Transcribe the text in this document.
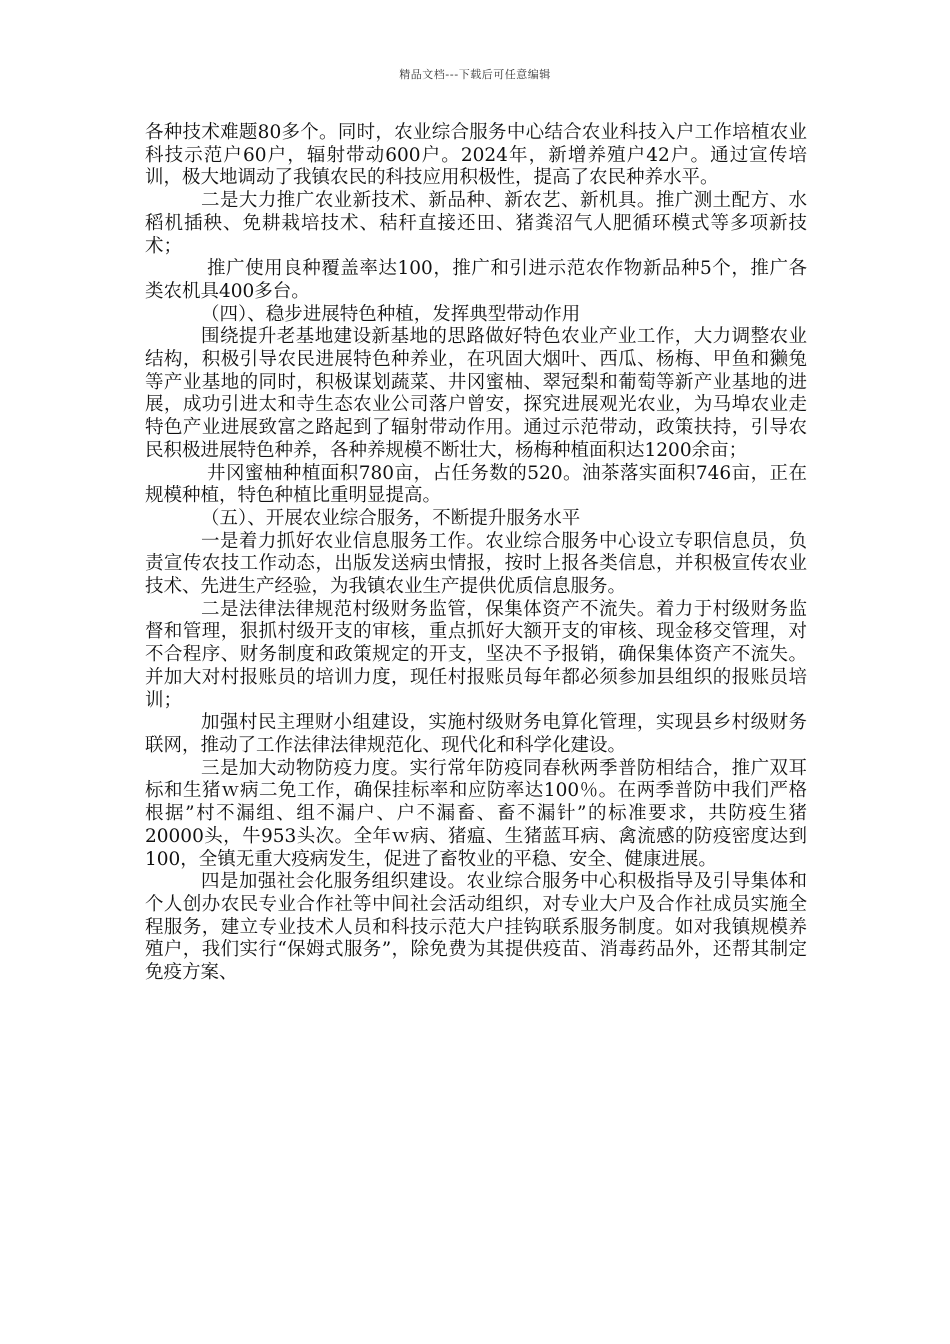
精品文档---下载后可任意编辑

各种技术难题80多个。同时，农业综合服务中心结合农业科技入户工作培植农业科技示范户60户，辐射带动600户。2024年，新增养殖户42户。通过宣传培训，极大地调动了我镇农民的科技应用积极性，提高了农民种养水平。

二是大力推广农业新技术、新品种、新农艺、新机具。推广测土配方、水稻机插秧、免耕栽培技术、秸秆直接还田、猪粪沼气人肥循环模式等多项新技术；

推广使用良种覆盖率达100，推广和引进示范农作物新品种5个，推广各类农机具400多台。

（四）、稳步进展特色种植，发挥典型带动作用

围绕提升老基地建设新基地的思路做好特色农业产业工作，大力调整农业结构，积极引导农民进展特色种养业，在巩固大烟叶、西瓜、杨梅、甲鱼和獭兔等产业基地的同时，积极谋划蔬菜、井冈蜜柚、翠冠梨和葡萄等新产业基地的进展，成功引进太和寺生态农业公司落户曾安，探究进展观光农业，为马埠农业走特色产业进展致富之路起到了辐射带动作用。通过示范带动，政策扶持，引导农民积极进展特色种养，各种养规模不断壮大，杨梅种植面积达1200余亩；

井冈蜜柚种植面积780亩，占任务数的520。油茶落实面积746亩，正在规模种植，特色种植比重明显提高。

（五）、开展农业综合服务，不断提升服务水平

一是着力抓好农业信息服务工作。农业综合服务中心设立专职信息员，负责宣传农技工作动态，出版发送病虫情报，按时上报各类信息，并积极宣传农业技术、先进生产经验，为我镇农业生产提供优质信息服务。

二是法律法律规范村级财务监管，保集体资产不流失。着力于村级财务监督和管理，狠抓村级开支的审核，重点抓好大额开支的审核、现金移交管理，对不合程序、财务制度和政策规定的开支，坚决不予报销，确保集体资产不流失。并加大对村报账员的培训力度，现任村报账员每年都必须参加县组织的报账员培训；

加强村民主理财小组建设，实施村级财务电算化管理，实现县乡村级财务联网，推动了工作法律法律规范化、现代化和科学化建设。

三是加大动物防疫力度。实行常年防疫同春秋两季普防相结合，推广双耳标和生猪ｗ病二免工作，确保挂标率和应防率达100％。在两季普防中我们严格根据”村不漏组、组不漏户、户不漏畜、畜不漏针”的标准要求，共防疫生猪20000头，牛953头次。全年ｗ病、猪瘟、生猪蓝耳病、禽流感的防疫密度达到100，全镇无重大疫病发生，促进了畜牧业的平稳、安全、健康进展。

四是加强社会化服务组织建设。农业综合服务中心积极指导及引导集体和个人创办农民专业合作社等中间社会活动组织，对专业大户及合作社成员实施全程服务，建立专业技术人员和科技示范大户挂钩联系服务制度。如对我镇规模养殖户，我们实行“保姆式服务”，除免费为其提供疫苗、消毒药品外，还帮其制定免疫方案、
